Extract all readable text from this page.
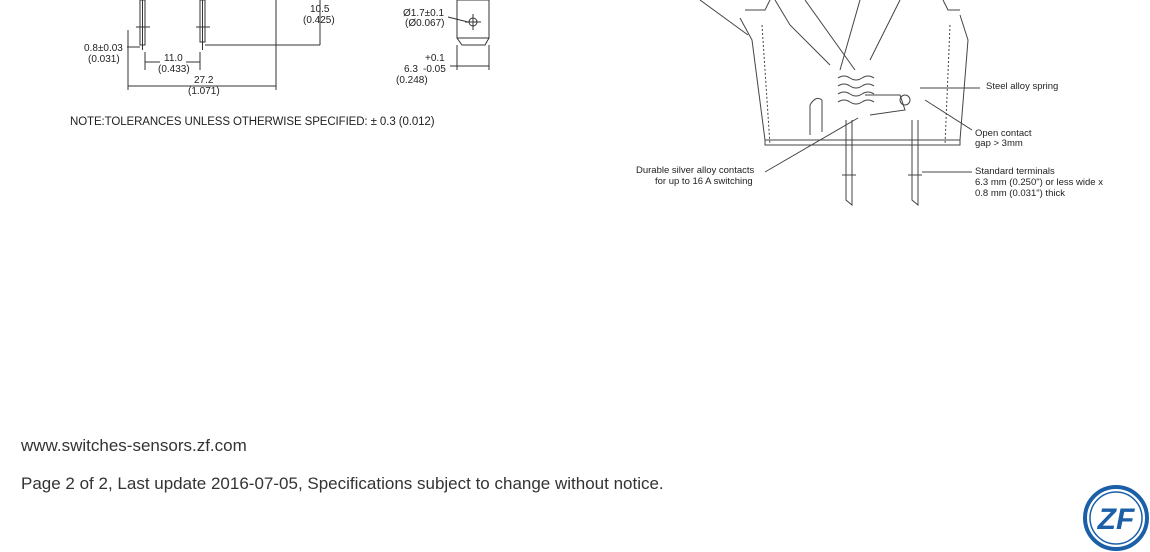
10.5
(0.425)
0.8±0.03
(0.031)	11.0
(0.433)
27.2
(1.071)
Ø1.7±0.1
(Ø0.067)
+0.1
6.3 -0.05
(0.248)
NOTE:TOLERANCES UNLESS OTHERWISE SPECIFIED: ± 0.3 (0.012)
Steel alloy spring
Open contact
gap > 3mm
Durable silver alloy contacts
for up to 16 A switching
Standard terminals
6.3 mm (0.250") or less wide x
0.8 mm (0.031") thick
www.switches-sensors.zf.com
Page 2 of 2, Last update 2016-07-05, Specifications subject to change without notice.
ZF
